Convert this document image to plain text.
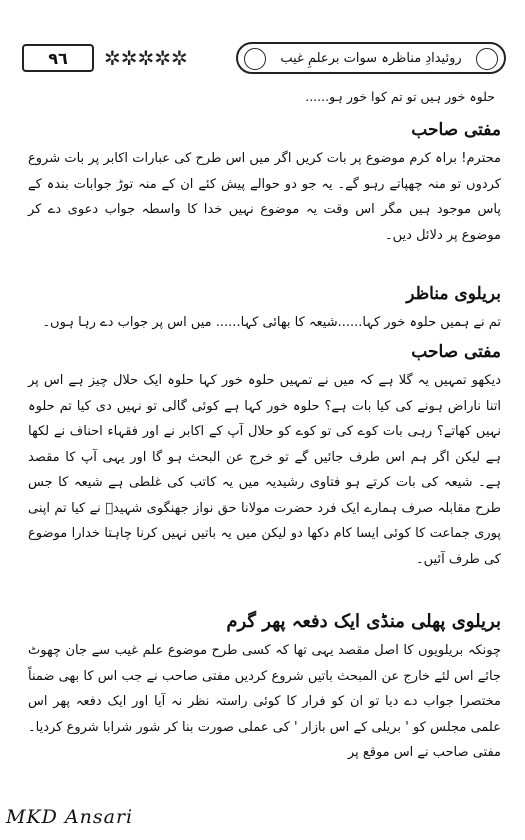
٩٦	✲✲✲✲✲	روئیدادِ مناظرہ سوات برعلمِ غیب
حلوہ خور ہیں تو تم کوا خور ہو......
مفتی صاحب
محترم! براہ کرم موضوع پر بات کریں اگر میں اس طرح کی عبارات اکابر پر بات شروع کردوں تو منہ چھپاتے رہو گے۔ یہ جو دو حوالے پیش کئے ان کے منہ توڑ جوابات بندہ کے پاس موجود ہیں مگر اس وقت یہ موضوع نہیں خدا کا واسطہ جواب دعوی دے کر موضوع پر دلائل دیں۔
بریلوی مناظر
تم نے ہمیں حلوہ خور کہا......شیعہ کا بھائی کہا...... میں اس پر جواب دے رہا ہوں۔
مفتی صاحب
دیکھو تمہیں یہ گلا ہے کہ میں نے تمہیں حلوہ خور کہا حلوہ ایک حلال چیز ہے اس پر اتنا ناراض ہونے کی کیا بات ہے؟ حلوہ خور کہا ہے کوئی گالی تو نہیں دی کیا تم حلوہ نہیں کھاتے؟ رہی بات کوے کی تو کوے کو حلال آپ کے اکابر نے اور فقہاء احناف نے لکھا ہے لیکن اگر ہم اس طرف جائیں گے تو خرج عن البحث ہو گا اور یہی آپ کا مقصد ہے۔ شیعہ کی بات کرتے ہو فتاوی رشیدیہ میں یہ کاتب کی غلطی ہے شیعہ کا جس طرح مقابلہ صرف ہمارے ایک فرد حضرت مولانا حق نواز جھنگوی شہیدؒ نے کیا تم اپنی پوری جماعت کا کوئی ایسا کام دکھا دو لیکن میں یہ باتیں نہیں کرنا چاہتا خدارا موضوع کی طرف آئیں۔
بریلوی پھلی منڈی ایک دفعہ پھر گرم
چونکہ بریلویوں کا اصل مقصد یہی تھا کہ کسی طرح موضوع علم غیب سے جان چھوٹ جائے اس لئے خارج عن المبحث باتیں شروع کردیں مفتی صاحب نے جب اس کا بھی ضمناً مختصرا جواب دے دیا تو ان کو فرار کا کوئی راستہ نظر نہ آیا اور ایک دفعہ پھر اس علمی مجلس کو ' بریلی کے اس بازار ' کی عملی صورت بنا کر شور شرابا شروع کردیا۔ مفتی صاحب نے اس موقع پر
MKD Ansari
